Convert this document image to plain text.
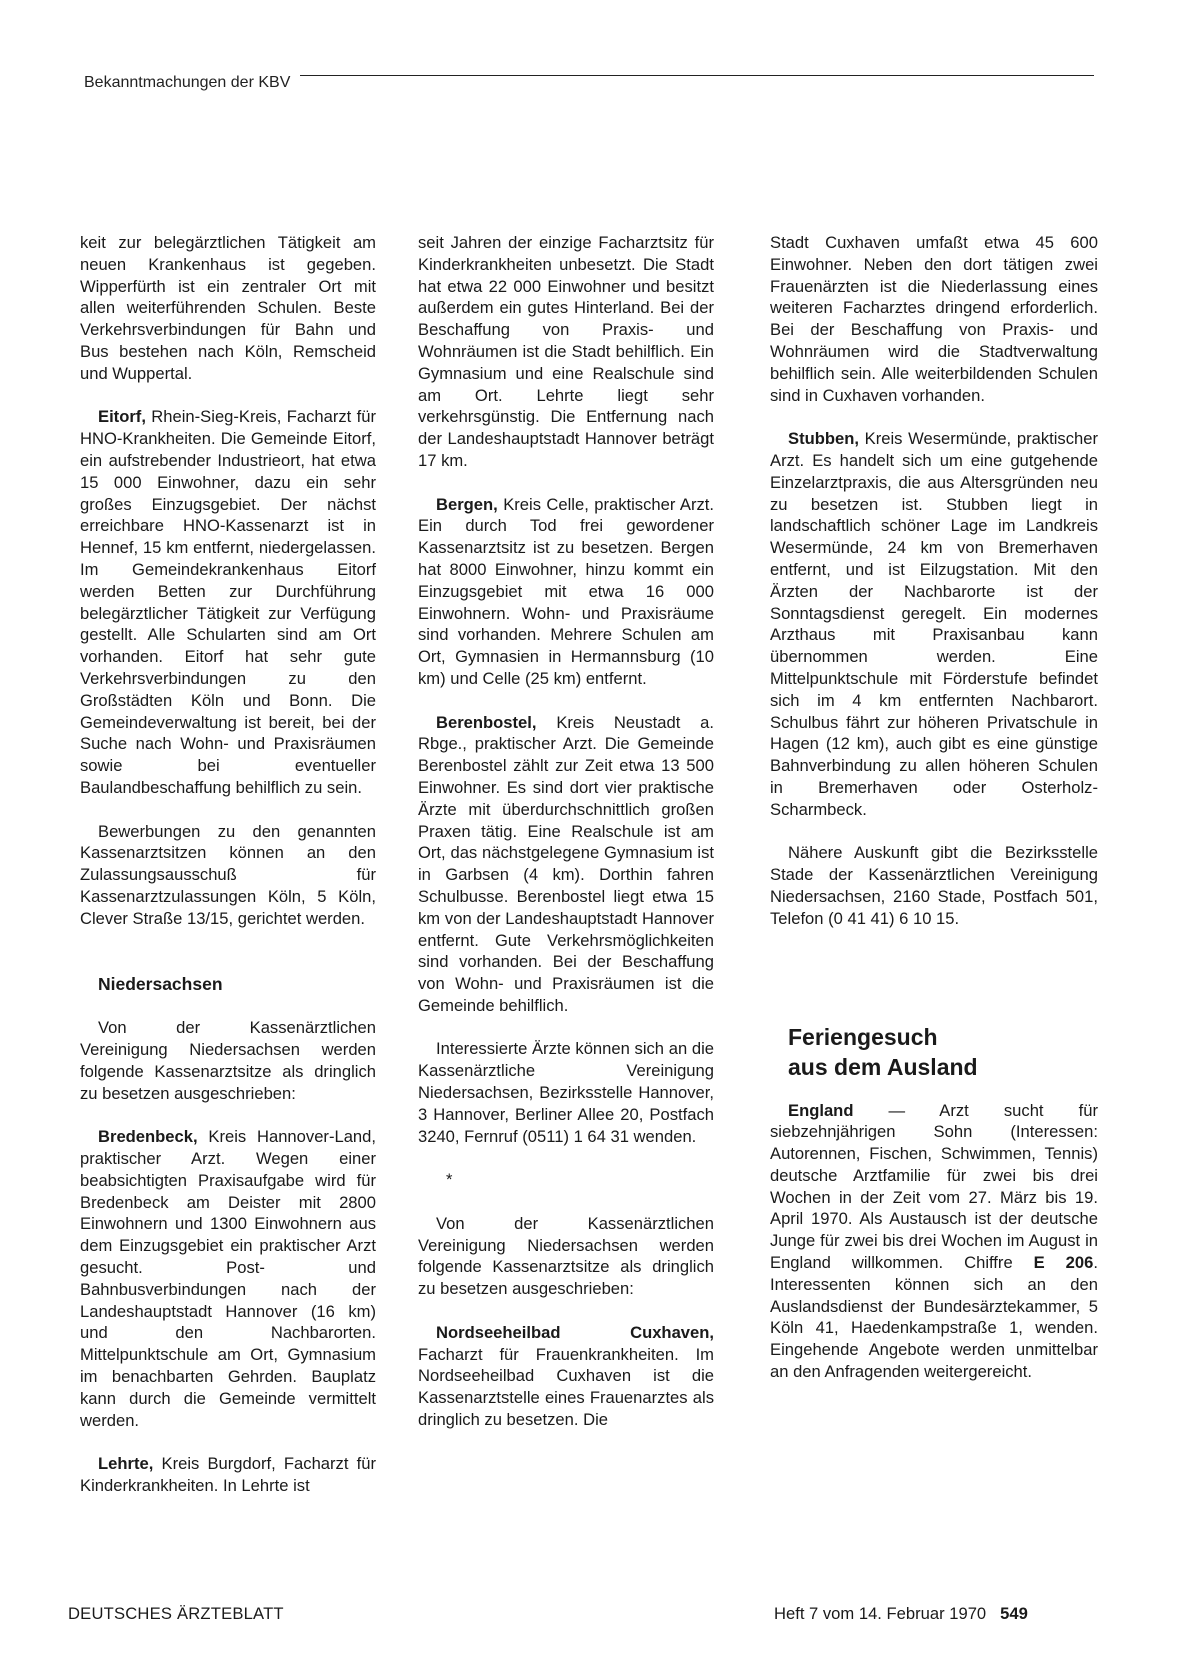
Bekanntmachungen der KBV

keit zur belegärztlichen Tätigkeit am neuen Krankenhaus ist gegeben. Wipperfürth ist ein zentraler Ort mit allen weiterführenden Schulen. Beste Verkehrsverbindungen für Bahn und Bus bestehen nach Köln, Remscheid und Wuppertal.

Eitorf, Rhein-Sieg-Kreis, Facharzt für HNO-Krankheiten. Die Gemeinde Eitorf, ein aufstrebender Industrieort, hat etwa 15 000 Einwohner, dazu ein sehr großes Einzugsgebiet. Der nächst erreichbare HNO-Kassenarzt ist in Hennef, 15 km entfernt, niedergelassen. Im Gemeindekrankenhaus Eitorf werden Betten zur Durchführung belegärztlicher Tätigkeit zur Verfügung gestellt. Alle Schularten sind am Ort vorhanden. Eitorf hat sehr gute Verkehrsverbindungen zu den Großstädten Köln und Bonn. Die Gemeindeverwaltung ist bereit, bei der Suche nach Wohn- und Praxisräumen sowie bei eventueller Baulandbeschaffung behilflich zu sein.

Bewerbungen zu den genannten Kassenarztsitzen können an den Zulassungsausschuß für Kassenarztzulassungen Köln, 5 Köln, Clever Straße 13/15, gerichtet werden.

Niedersachsen

Von der Kassenärztlichen Vereinigung Niedersachsen werden folgende Kassenarztsitze als dringlich zu besetzen ausgeschrieben:

Bredenbeck, Kreis Hannover-Land, praktischer Arzt. Wegen einer beabsichtigten Praxisaufgabe wird für Bredenbeck am Deister mit 2800 Einwohnern und 1300 Einwohnern aus dem Einzugsgebiet ein praktischer Arzt gesucht. Post- und Bahnbusverbindungen nach der Landeshauptstadt Hannover (16 km) und den Nachbarorten. Mittelpunktschule am Ort, Gymnasium im benachbarten Gehrden. Bauplatz kann durch die Gemeinde vermittelt werden.

Lehrte, Kreis Burgdorf, Facharzt für Kinderkrankheiten. In Lehrte ist

seit Jahren der einzige Facharztsitz für Kinderkrankheiten unbesetzt. Die Stadt hat etwa 22 000 Einwohner und besitzt außerdem ein gutes Hinterland. Bei der Beschaffung von Praxis- und Wohnräumen ist die Stadt behilflich. Ein Gymnasium und eine Realschule sind am Ort. Lehrte liegt sehr verkehrsgünstig. Die Entfernung nach der Landeshauptstadt Hannover beträgt 17 km.

Bergen, Kreis Celle, praktischer Arzt. Ein durch Tod frei gewordener Kassenarztsitz ist zu besetzen. Bergen hat 8000 Einwohner, hinzu kommt ein Einzugsgebiet mit etwa 16 000 Einwohnern. Wohn- und Praxisräume sind vorhanden. Mehrere Schulen am Ort, Gymnasien in Hermannsburg (10 km) und Celle (25 km) entfernt.

Berenbostel, Kreis Neustadt a. Rbge., praktischer Arzt. Die Gemeinde Berenbostel zählt zur Zeit etwa 13 500 Einwohner. Es sind dort vier praktische Ärzte mit überdurchschnittlich großen Praxen tätig. Eine Realschule ist am Ort, das nächstgelegene Gymnasium ist in Garbsen (4 km). Dorthin fahren Schulbusse. Berenbostel liegt etwa 15 km von der Landeshauptstadt Hannover entfernt. Gute Verkehrsmöglichkeiten sind vorhanden. Bei der Beschaffung von Wohn- und Praxisräumen ist die Gemeinde behilflich.

Interessierte Ärzte können sich an die Kassenärztliche Vereinigung Niedersachsen, Bezirksstelle Hannover, 3 Hannover, Berliner Allee 20, Postfach 3240, Fernruf (0511) 1 64 31 wenden.

*

Von der Kassenärztlichen Vereinigung Niedersachsen werden folgende Kassenarztsitze als dringlich zu besetzen ausgeschrieben:

Nordseeheilbad Cuxhaven, Facharzt für Frauenkrankheiten. Im Nordseeheilbad Cuxhaven ist die Kassenarztstelle eines Frauenarztes als dringlich zu besetzen. Die

Stadt Cuxhaven umfaßt etwa 45 600 Einwohner. Neben den dort tätigen zwei Frauenärzten ist die Niederlassung eines weiteren Facharztes dringend erforderlich. Bei der Beschaffung von Praxis- und Wohnräumen wird die Stadtverwaltung behilflich sein. Alle weiterbildenden Schulen sind in Cuxhaven vorhanden.

Stubben, Kreis Wesermünde, praktischer Arzt. Es handelt sich um eine gutgehende Einzelarztpraxis, die aus Altersgründen neu zu besetzen ist. Stubben liegt in landschaftlich schöner Lage im Landkreis Wesermünde, 24 km von Bremerhaven entfernt, und ist Eilzugstation. Mit den Ärzten der Nachbarorte ist der Sonntagsdienst geregelt. Ein modernes Arzthaus mit Praxisanbau kann übernommen werden. Eine Mittelpunktschule mit Förderstufe befindet sich im 4 km entfernten Nachbarort. Schulbus fährt zur höheren Privatschule in Hagen (12 km), auch gibt es eine günstige Bahnverbindung zu allen höheren Schulen in Bremerhaven oder Osterholz-Scharmbeck.

Nähere Auskunft gibt die Bezirksstelle Stade der Kassenärztlichen Vereinigung Niedersachsen, 2160 Stade, Postfach 501, Telefon (0 41 41) 6 10 15.

Feriengesuch
aus dem Ausland

England — Arzt sucht für siebzehnjährigen Sohn (Interessen: Autorennen, Fischen, Schwimmen, Tennis) deutsche Arztfamilie für zwei bis drei Wochen in der Zeit vom 27. März bis 19. April 1970. Als Austausch ist der deutsche Junge für zwei bis drei Wochen im August in England willkommen. Chiffre E 206. Interessenten können sich an den Auslandsdienst der Bundesärztekammer, 5 Köln 41, Haedenkampstraße 1, wenden. Eingehende Angebote werden unmittelbar an den Anfragenden weitergereicht.

DEUTSCHES ÄRZTEBLATT	Heft 7 vom 14. Februar 1970 549
